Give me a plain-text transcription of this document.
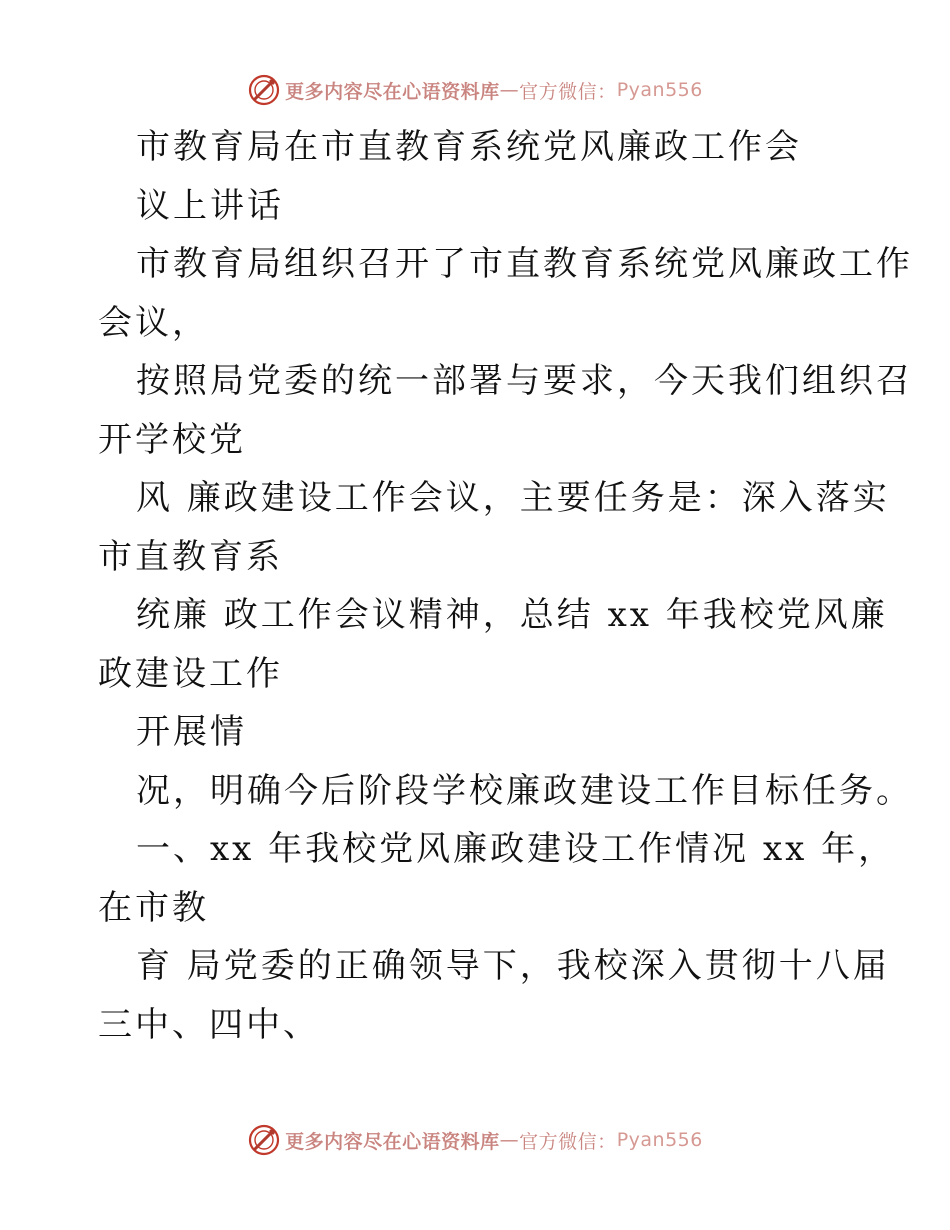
更多内容尽在心语资料库 — 官方微信： Pyan556
市教育局在市直教育系统党风廉政工作会
议上讲话
市教育局组织召开了市直教育系统党风廉政工作
会议，
按照局党委的统一部署与要求，今天我们组织召
开学校党
风 廉政建设工作会议，主要任务是：深入落实
市直教育系
统廉 政工作会议精神，总结 xx 年我校党风廉
政建设工作
开展情
况，明确今后阶段学校廉政建设工作目标任务。
一、xx 年我校党风廉政建设工作情况 xx 年，
在市教
育 局党委的正确领导下，我校深入贯彻十八届
三中、四中、
更多内容尽在心语资料库 — 官方微信： Pyan556
